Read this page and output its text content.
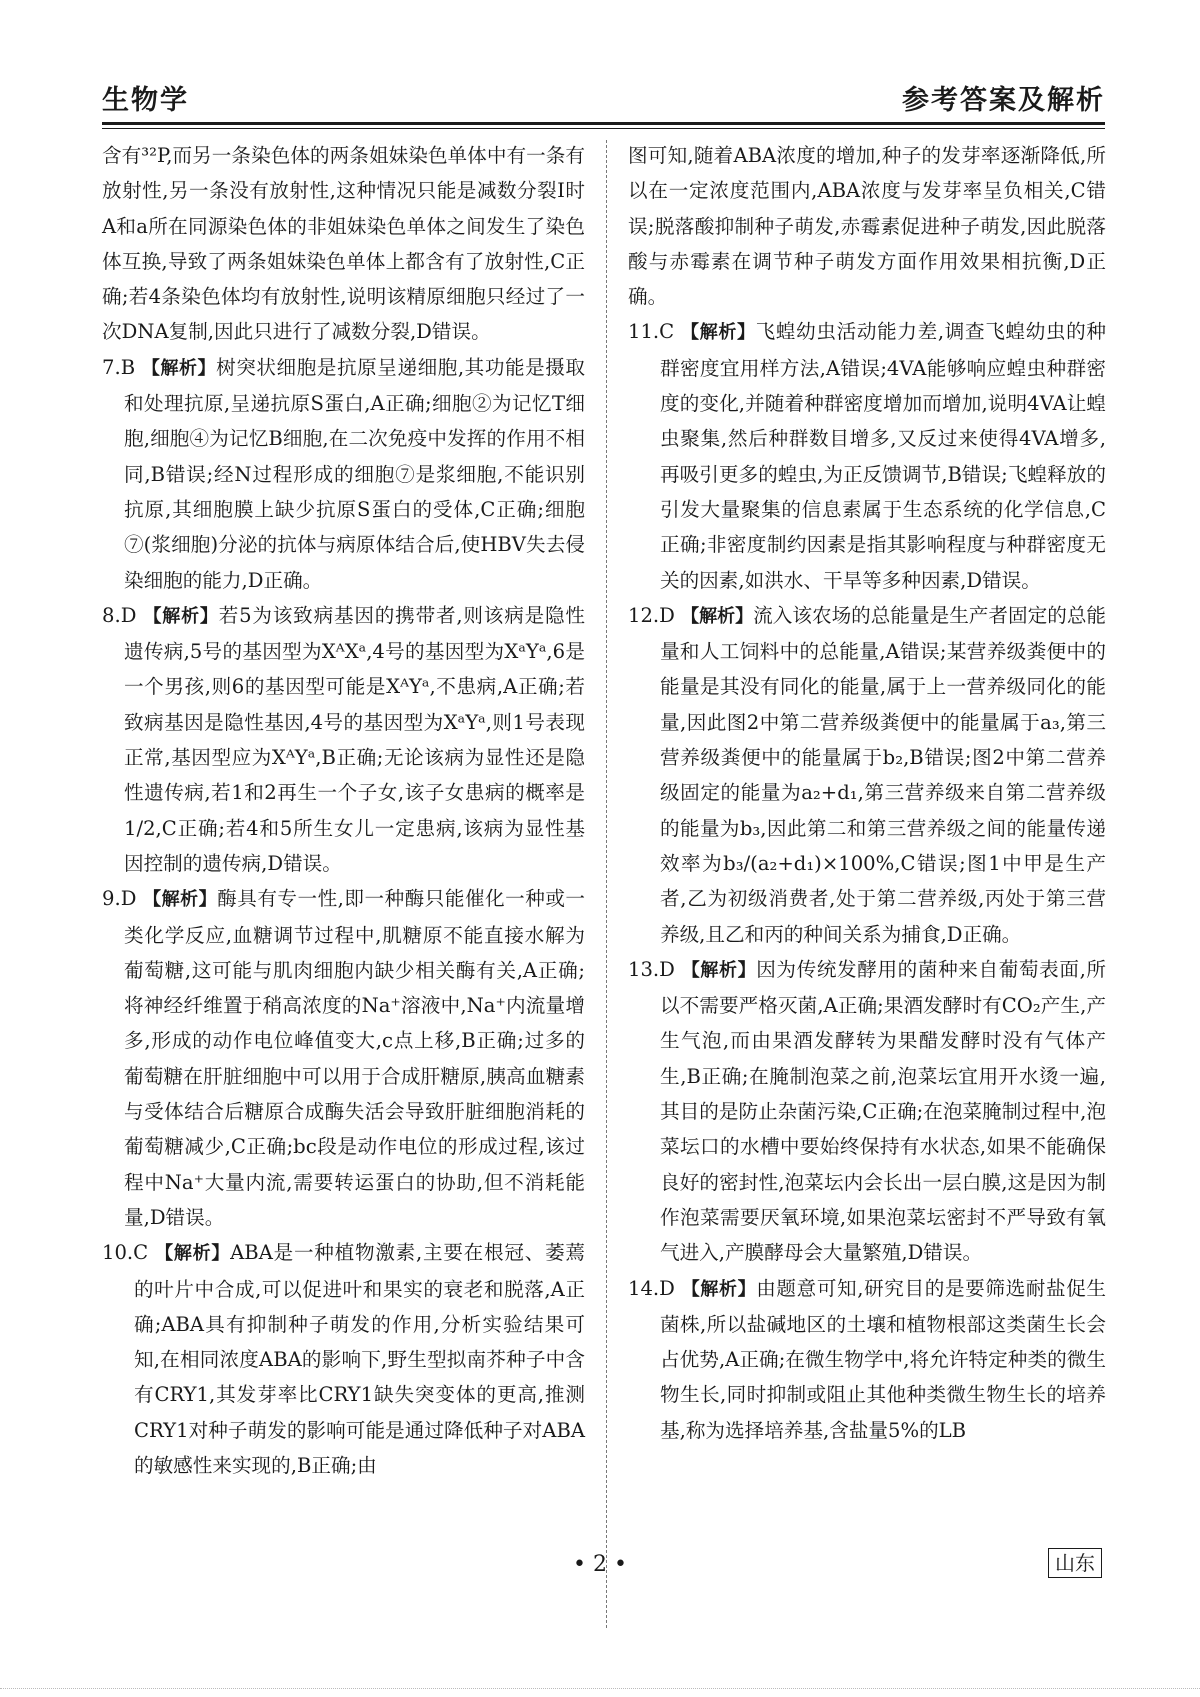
生物学	参考答案及解析

含有³²P,而另一条染色体的两条姐妹染色单体中有一条有放射性,另一条没有放射性,这种情况只能是减数分裂Ⅰ时A和a所在同源染色体的非姐妹染色单体之间发生了染色体互换,导致了两条姐妹染色单体上都含有了放射性,C正确;若4条染色体均有放射性,说明该精原细胞只经过了一次DNA复制,因此只进行了减数分裂,D错误。

7.B 【解析】树突状细胞是抗原呈递细胞,其功能是摄取和处理抗原,呈递抗原S蛋白,A正确;细胞②为记忆T细胞,细胞④为记忆B细胞,在二次免疫中发挥的作用不相同,B错误;经N过程形成的细胞⑦是浆细胞,不能识别抗原,其细胞膜上缺少抗原S蛋白的受体,C正确;细胞⑦(浆细胞)分泌的抗体与病原体结合后,使HBV失去侵染细胞的能力,D正确。

8.D 【解析】若5为该致病基因的携带者,则该病是隐性遗传病,5号的基因型为XᴬXᵃ,4号的基因型为XᵃYᵃ,6是一个男孩,则6的基因型可能是XᴬYᵃ,不患病,A正确;若致病基因是隐性基因,4号的基因型为XᵃYᵃ,则1号表现正常,基因型应为XᴬYᵃ,B正确;无论该病为显性还是隐性遗传病,若1和2再生一个子女,该子女患病的概率是1/2,C正确;若4和5所生女儿一定患病,该病为显性基因控制的遗传病,D错误。

9.D 【解析】酶具有专一性,即一种酶只能催化一种或一类化学反应,血糖调节过程中,肌糖原不能直接水解为葡萄糖,这可能与肌肉细胞内缺少相关酶有关,A正确;将神经纤维置于稍高浓度的Na⁺溶液中,Na⁺内流量增多,形成的动作电位峰值变大,c点上移,B正确;过多的葡萄糖在肝脏细胞中可以用于合成肝糖原,胰高血糖素与受体结合后糖原合成酶失活会导致肝脏细胞消耗的葡萄糖减少,C正确;bc段是动作电位的形成过程,该过程中Na⁺大量内流,需要转运蛋白的协助,但不消耗能量,D错误。

10.C 【解析】ABA是一种植物激素,主要在根冠、萎蔫的叶片中合成,可以促进叶和果实的衰老和脱落,A正确;ABA具有抑制种子萌发的作用,分析实验结果可知,在相同浓度ABA的影响下,野生型拟南芥种子中含有CRY1,其发芽率比CRY1缺失突变体的更高,推测CRY1对种子萌发的影响可能是通过降低种子对ABA的敏感性来实现的,B正确;由

图可知,随着ABA浓度的增加,种子的发芽率逐渐降低,所以在一定浓度范围内,ABA浓度与发芽率呈负相关,C错误;脱落酸抑制种子萌发,赤霉素促进种子萌发,因此脱落酸与赤霉素在调节种子萌发方面作用效果相抗衡,D正确。

11.C 【解析】飞蝗幼虫活动能力差,调查飞蝗幼虫的种群密度宜用样方法,A错误;4VA能够响应蝗虫种群密度的变化,并随着种群密度增加而增加,说明4VA让蝗虫聚集,然后种群数目增多,又反过来使得4VA增多,再吸引更多的蝗虫,为正反馈调节,B错误;飞蝗释放的引发大量聚集的信息素属于生态系统的化学信息,C正确;非密度制约因素是指其影响程度与种群密度无关的因素,如洪水、干旱等多种因素,D错误。

12.D 【解析】流入该农场的总能量是生产者固定的总能量和人工饲料中的总能量,A错误;某营养级粪便中的能量是其没有同化的能量,属于上一营养级同化的能量,因此图2中第二营养级粪便中的能量属于a₃,第三营养级粪便中的能量属于b₂,B错误;图2中第二营养级固定的能量为a₂+d₁,第三营养级来自第二营养级的能量为b₃,因此第二和第三营养级之间的能量传递效率为b₃/(a₂+d₁)×100%,C错误;图1中甲是生产者,乙为初级消费者,处于第二营养级,丙处于第三营养级,且乙和丙的种间关系为捕食,D正确。

13.D 【解析】因为传统发酵用的菌种来自葡萄表面,所以不需要严格灭菌,A正确;果酒发酵时有CO₂产生,产生气泡,而由果酒发酵转为果醋发酵时没有气体产生,B正确;在腌制泡菜之前,泡菜坛宜用开水烫一遍,其目的是防止杂菌污染,C正确;在泡菜腌制过程中,泡菜坛口的水槽中要始终保持有水状态,如果不能确保良好的密封性,泡菜坛内会长出一层白膜,这是因为制作泡菜需要厌氧环境,如果泡菜坛密封不严导致有氧气进入,产膜酵母会大量繁殖,D错误。

14.D 【解析】由题意可知,研究目的是要筛选耐盐促生菌株,所以盐碱地区的土壤和植物根部这类菌生长会占优势,A正确;在微生物学中,将允许特定种类的微生物生长,同时抑制或阻止其他种类微生物生长的培养基,称为选择培养基,含盐量5%的LB

• 2 •	山东
